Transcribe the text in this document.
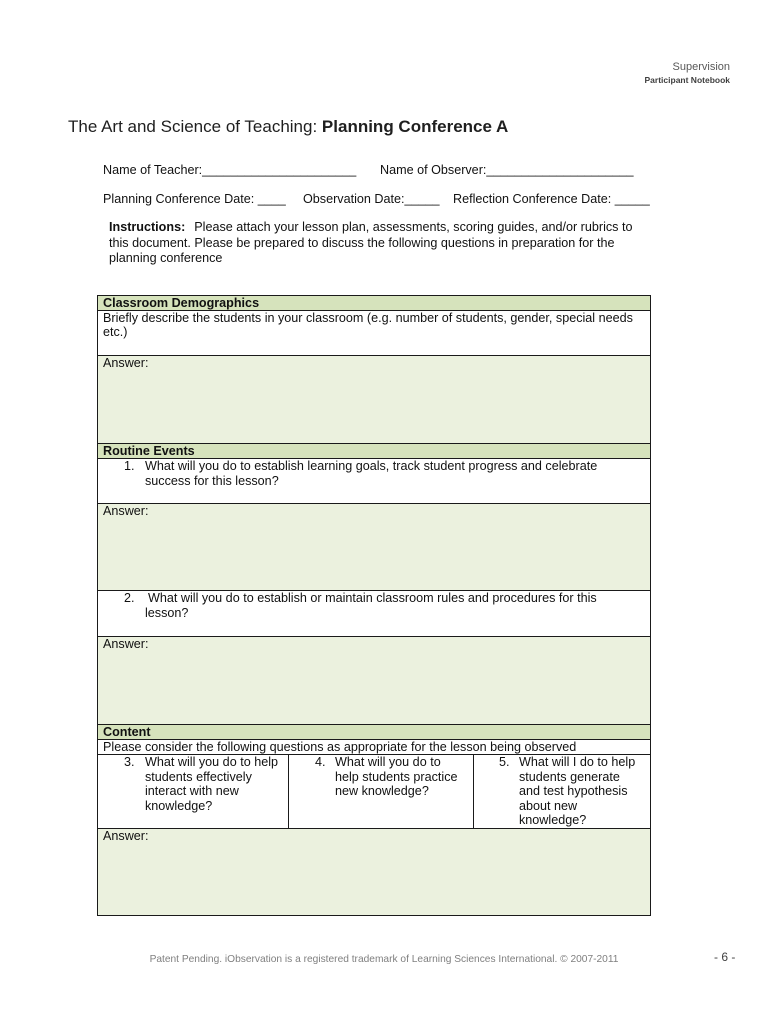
Supervision
Participant Notebook
The Art and Science of Teaching: Planning Conference A
Name of Teacher:______________________ Name of Observer:_____________________
Planning Conference Date: ____ Observation Date:_____ Reflection Conference Date: _____
Instructions: Please attach your lesson plan, assessments, scoring guides, and/or rubrics to this document. Please be prepared to discuss the following questions in preparation for the planning conference
Classroom Demographics
Briefly describe the students in your classroom (e.g. number of students, gender, special needs etc.)
Answer:
Routine Events
1. What will you do to establish learning goals, track student progress and celebrate success for this lesson?
Answer:
2. What will you do to establish or maintain classroom rules and procedures for this lesson?
Answer:
Content
Please consider the following questions as appropriate for the lesson being observed
3. What will you do to help students effectively interact with new knowledge?
4. What will you do to help students practice new knowledge?
5. What will I do to help students generate and test hypothesis about new knowledge?
Answer:
Patent Pending. iObservation is a registered trademark of Learning Sciences International. © 2007-2011	- 6 -
